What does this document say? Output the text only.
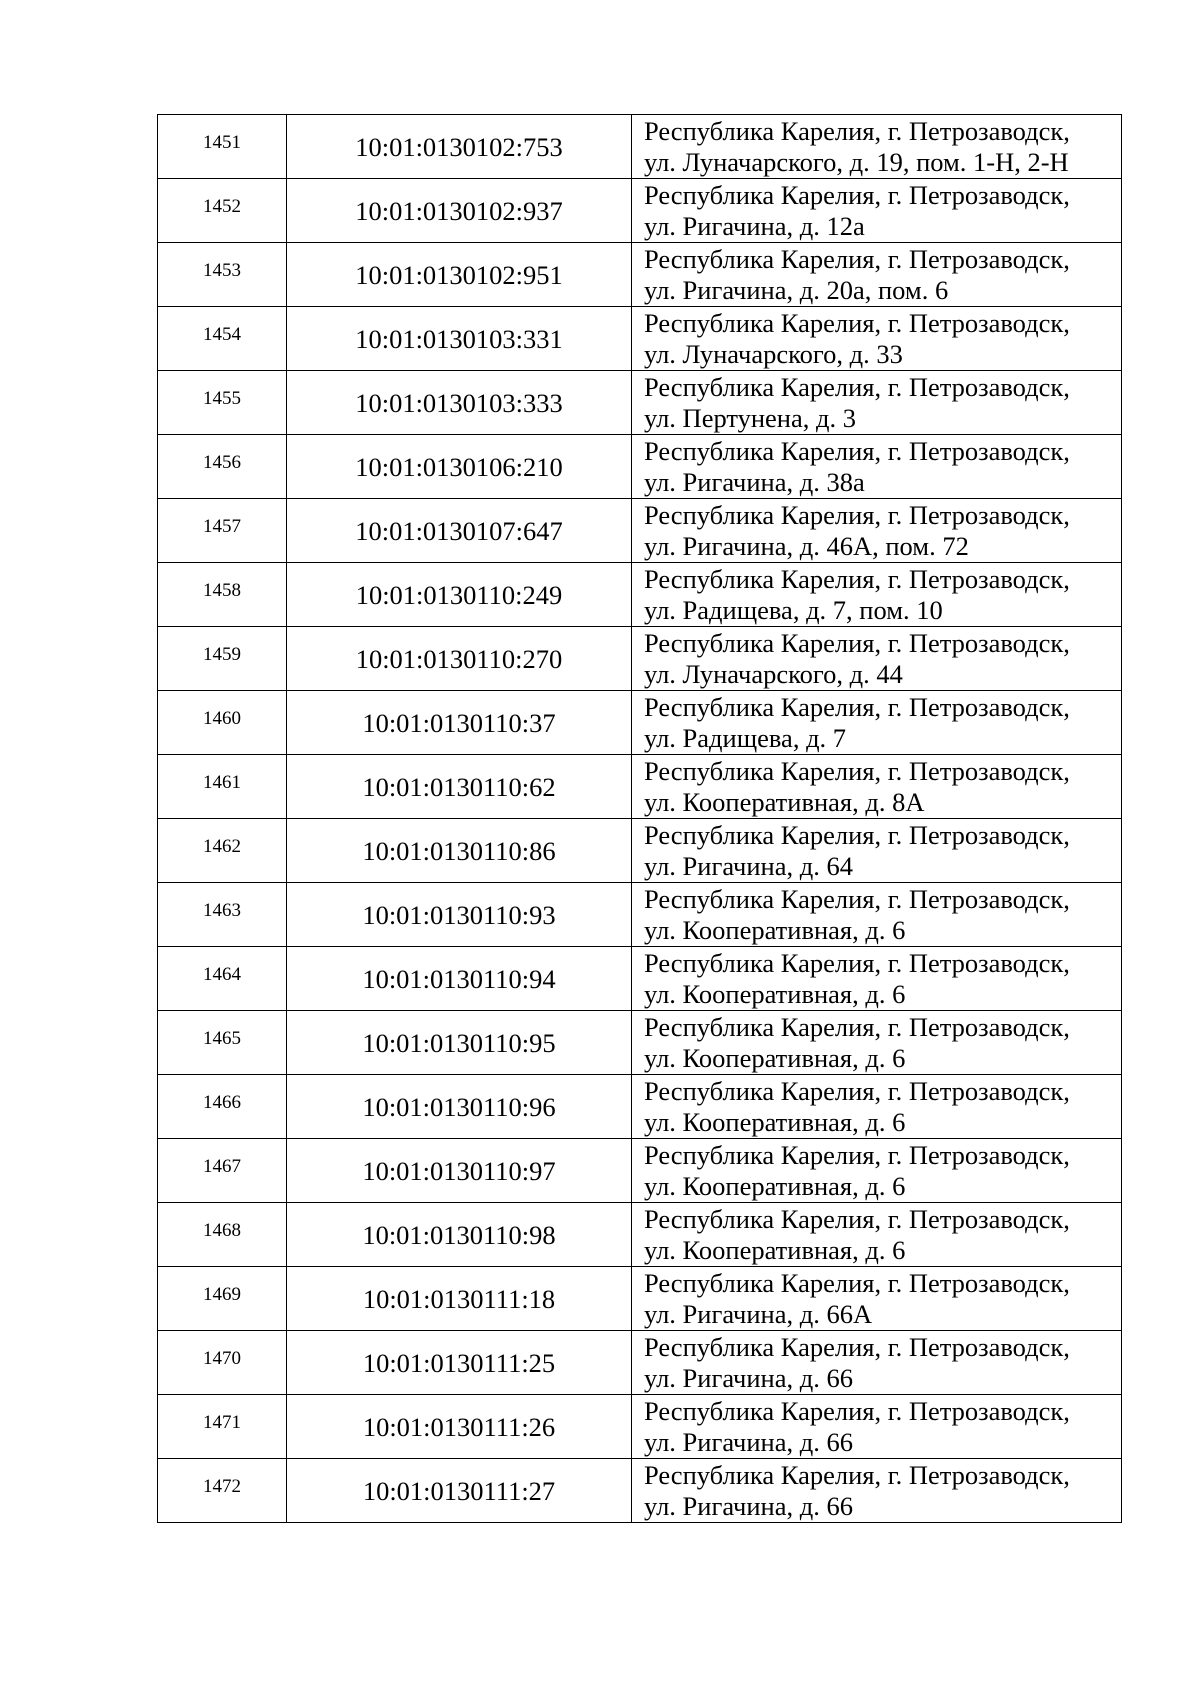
1451	10:01:0130102:753	Республика Карелия, г. Петрозаводск,
ул. Луначарского, д. 19, пом. 1-Н, 2-Н

1452	10:01:0130102:937	Республика Карелия, г. Петрозаводск,
ул. Ригачина, д. 12а

1453	10:01:0130102:951	Республика Карелия, г. Петрозаводск,
ул. Ригачина, д. 20а, пом. 6

1454	10:01:0130103:331	Республика Карелия, г. Петрозаводск,
ул. Луначарского, д. 33

1455	10:01:0130103:333	Республика Карелия, г. Петрозаводск,
ул. Пертунена, д. 3

1456	10:01:0130106:210	Республика Карелия, г. Петрозаводск,
ул. Ригачина, д. 38а

1457	10:01:0130107:647	Республика Карелия, г. Петрозаводск,
ул. Ригачина, д. 46А, пом. 72

1458	10:01:0130110:249	Республика Карелия, г. Петрозаводск,
ул. Радищева, д. 7, пом. 10

1459	10:01:0130110:270	Республика Карелия, г. Петрозаводск,
ул. Луначарского, д. 44

1460	10:01:0130110:37	Республика Карелия, г. Петрозаводск,
ул. Радищева, д. 7

1461	10:01:0130110:62	Республика Карелия, г. Петрозаводск,
ул. Кооперативная, д. 8А

1462	10:01:0130110:86	Республика Карелия, г. Петрозаводск,
ул. Ригачина, д. 64

1463	10:01:0130110:93	Республика Карелия, г. Петрозаводск,
ул. Кооперативная, д. 6

1464	10:01:0130110:94	Республика Карелия, г. Петрозаводск,
ул. Кооперативная, д. 6

1465	10:01:0130110:95	Республика Карелия, г. Петрозаводск,
ул. Кооперативная, д. 6

1466	10:01:0130110:96	Республика Карелия, г. Петрозаводск,
ул. Кооперативная, д. 6

1467	10:01:0130110:97	Республика Карелия, г. Петрозаводск,
ул. Кооперативная, д. 6

1468	10:01:0130110:98	Республика Карелия, г. Петрозаводск,
ул. Кооперативная, д. 6

1469	10:01:0130111:18	Республика Карелия, г. Петрозаводск,
ул. Ригачина, д. 66А

1470	10:01:0130111:25	Республика Карелия, г. Петрозаводск,
ул. Ригачина, д. 66

1471	10:01:0130111:26	Республика Карелия, г. Петрозаводск,
ул. Ригачина, д. 66

1472	10:01:0130111:27	Республика Карелия, г. Петрозаводск,
ул. Ригачина, д. 66
